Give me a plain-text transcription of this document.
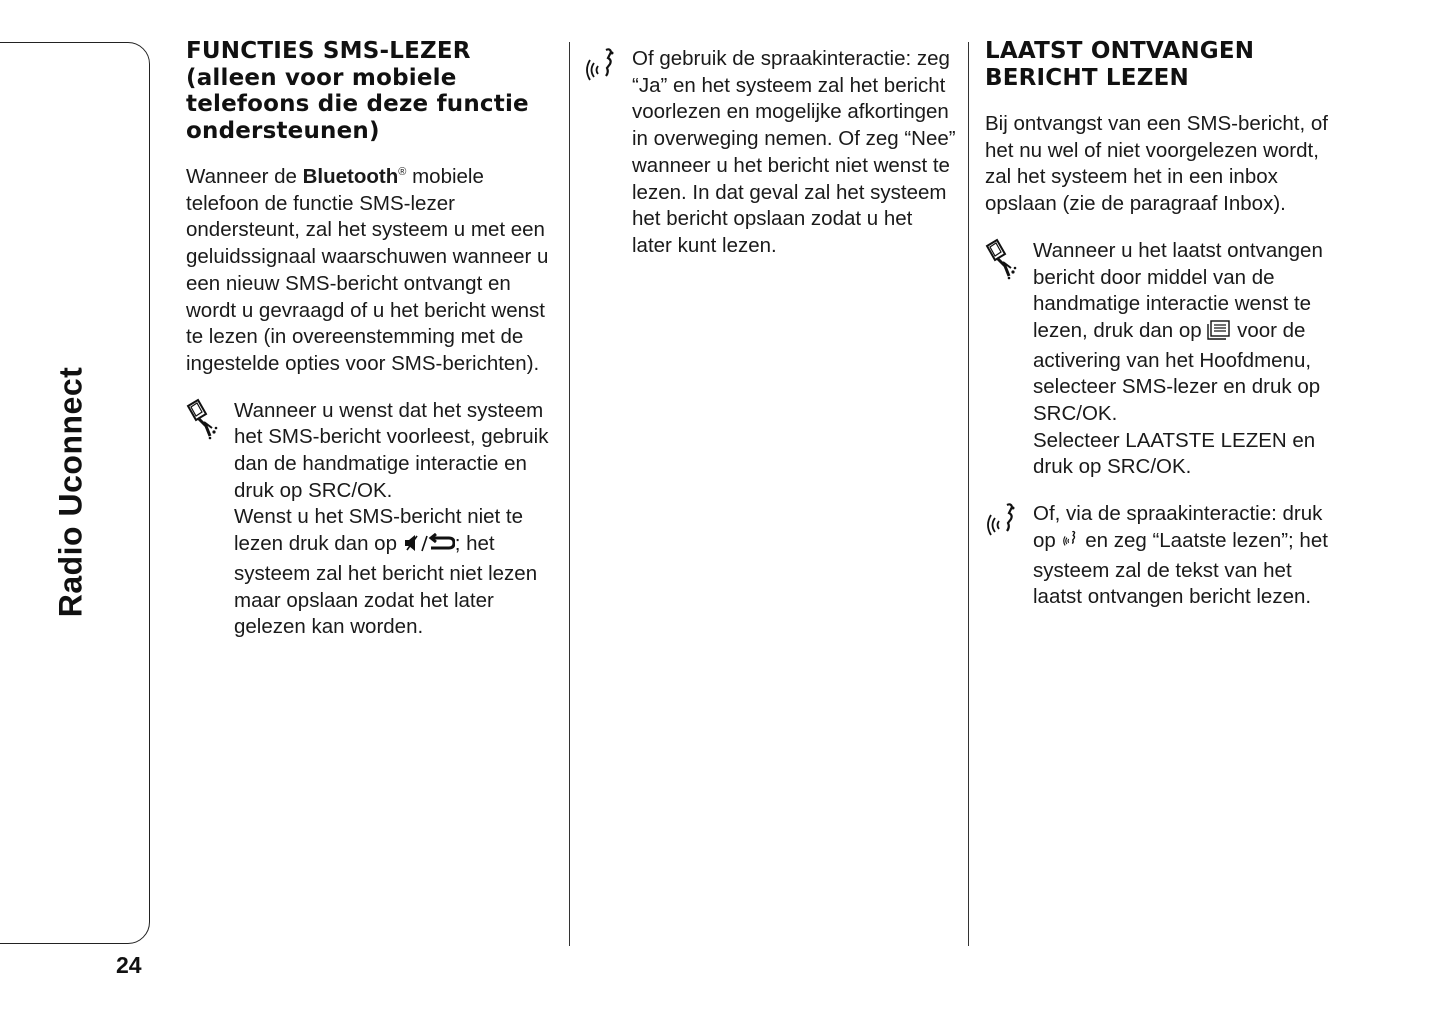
Radio Uconnect
24
FUNCTIES SMS-LEZER (alleen voor mobiele telefoons die deze functie ondersteunen)

Wanneer de Bluetooth® mobiele telefoon de functie SMS-lezer ondersteunt, zal het systeem u met een geluidssignaal waarschuwen wanneer u een nieuw SMS-bericht ontvangt en wordt u gevraagd of u het bericht wenst te lezen (in overeenstemming met de ingestelde opties voor SMS-berichten).

Wanneer u wenst dat het systeem het SMS-bericht voorleest, gebruik dan de handmatige interactie en druk op SRC/OK.

Wenst u het SMS-bericht niet te lezen druk dan op	; het systeem zal het bericht niet lezen maar opslaan zodat het later gelezen kan worden.

Of gebruik de spraakinteractie: zeg “Ja” en het systeem zal het bericht voorlezen en mogelijke afkortingen in overweging nemen. Of zeg “Nee” wanneer u het bericht niet wenst te lezen. In dat geval zal het systeem het bericht opslaan zodat u het later kunt lezen.

LAATST ONTVANGEN BERICHT LEZEN

Bij ontvangst van een SMS-bericht, of het nu wel of niet voorgelezen wordt, zal het systeem het in een inbox opslaan (zie de paragraaf Inbox).

Wanneer u het laatst ontvangen bericht door middel van de handmatige interactie wenst te lezen, druk dan op  voor de activering van het Hoofdmenu, selecteer SMS-lezer en druk op SRC/OK.

Selecteer LAATSTE LEZEN en druk op SRC/OK.

Of, via de spraakinteractie: druk op  en zeg “Laatste lezen”; het systeem zal de tekst van het laatst ontvangen bericht lezen.
